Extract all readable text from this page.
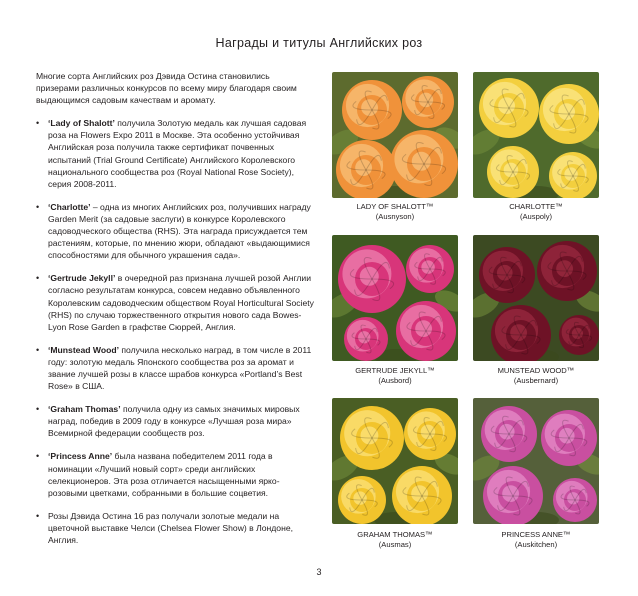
Награды и титулы Английских роз

Многие сорта Английских роз Дэвида Остина становились призерами различных конкурсов по всему миру благодаря своим выдающимся садовым качествам и аромату.

• ‘Lady of Shalott’ получила Золотую медаль как лучшая садовая роза на Flowers Expo 2011 в Москве. Эта особенно устойчивая Английская роза получила также сертификат почвенных испытаний (Trial Ground Certificate) Английского Королевского национального сообщества роз (Royal National Rose Society), серия 2008-2011.
• ‘Charlotte’ – одна из многих Английских роз, получивших награду Garden Merit (за садовые заслуги) в конкурсе Королевского садоводческого общества (RHS). Эта награда присуждается тем растениям, которые, по мнению жюри, обладают «выдающимися способностями для обычного украшения сада».
• ‘Gertrude Jekyll’ в очередной раз признана лучшей розой Англии согласно результатам конкурса, совсем недавно объявленного Королевским садоводческим обществом Royal Horticultural Society (RHS) по случаю торжественного открытия нового сада Bowes-Lyon Rose Garden в графстве Сюррей, Англия.
• ‘Munstead Wood’ получила несколько наград, в том числе в 2011 году: золотую медаль Японского сообщества роз за аромат и звание лучшей розы в классе шрабов конкурса «Portland’s Best Rose» в США.
• ‘Graham Thomas’ получила одну из самых значимых мировых наград, победив в 2009 году в конкурсе «Лучшая роза мира» Всемирной федерации сообществ роз.
• ‘Princess Anne’ была названа победителем 2011 года в номинации «Лучший новый сорт» среди английских селекционеров. Эта роза отличается насыщенными ярко-розовыми цветками, собранными в большие соцветия.
• Розы Дэвида Остина 16 раз получали золотые медали на цветочной выставке Челси (Chelsea Flower Show) в Лондоне, Англия.
LADY OF SHALOTT™
(Ausnyson)
CHARLOTTE™
(Auspoly)
GERTRUDE JEKYLL™
(Ausbord)
MUNSTEAD WOOD™
(Ausbernard)
GRAHAM THOMAS™
(Ausmas)
PRINCESS ANNE™
(Auskitchen)
3
